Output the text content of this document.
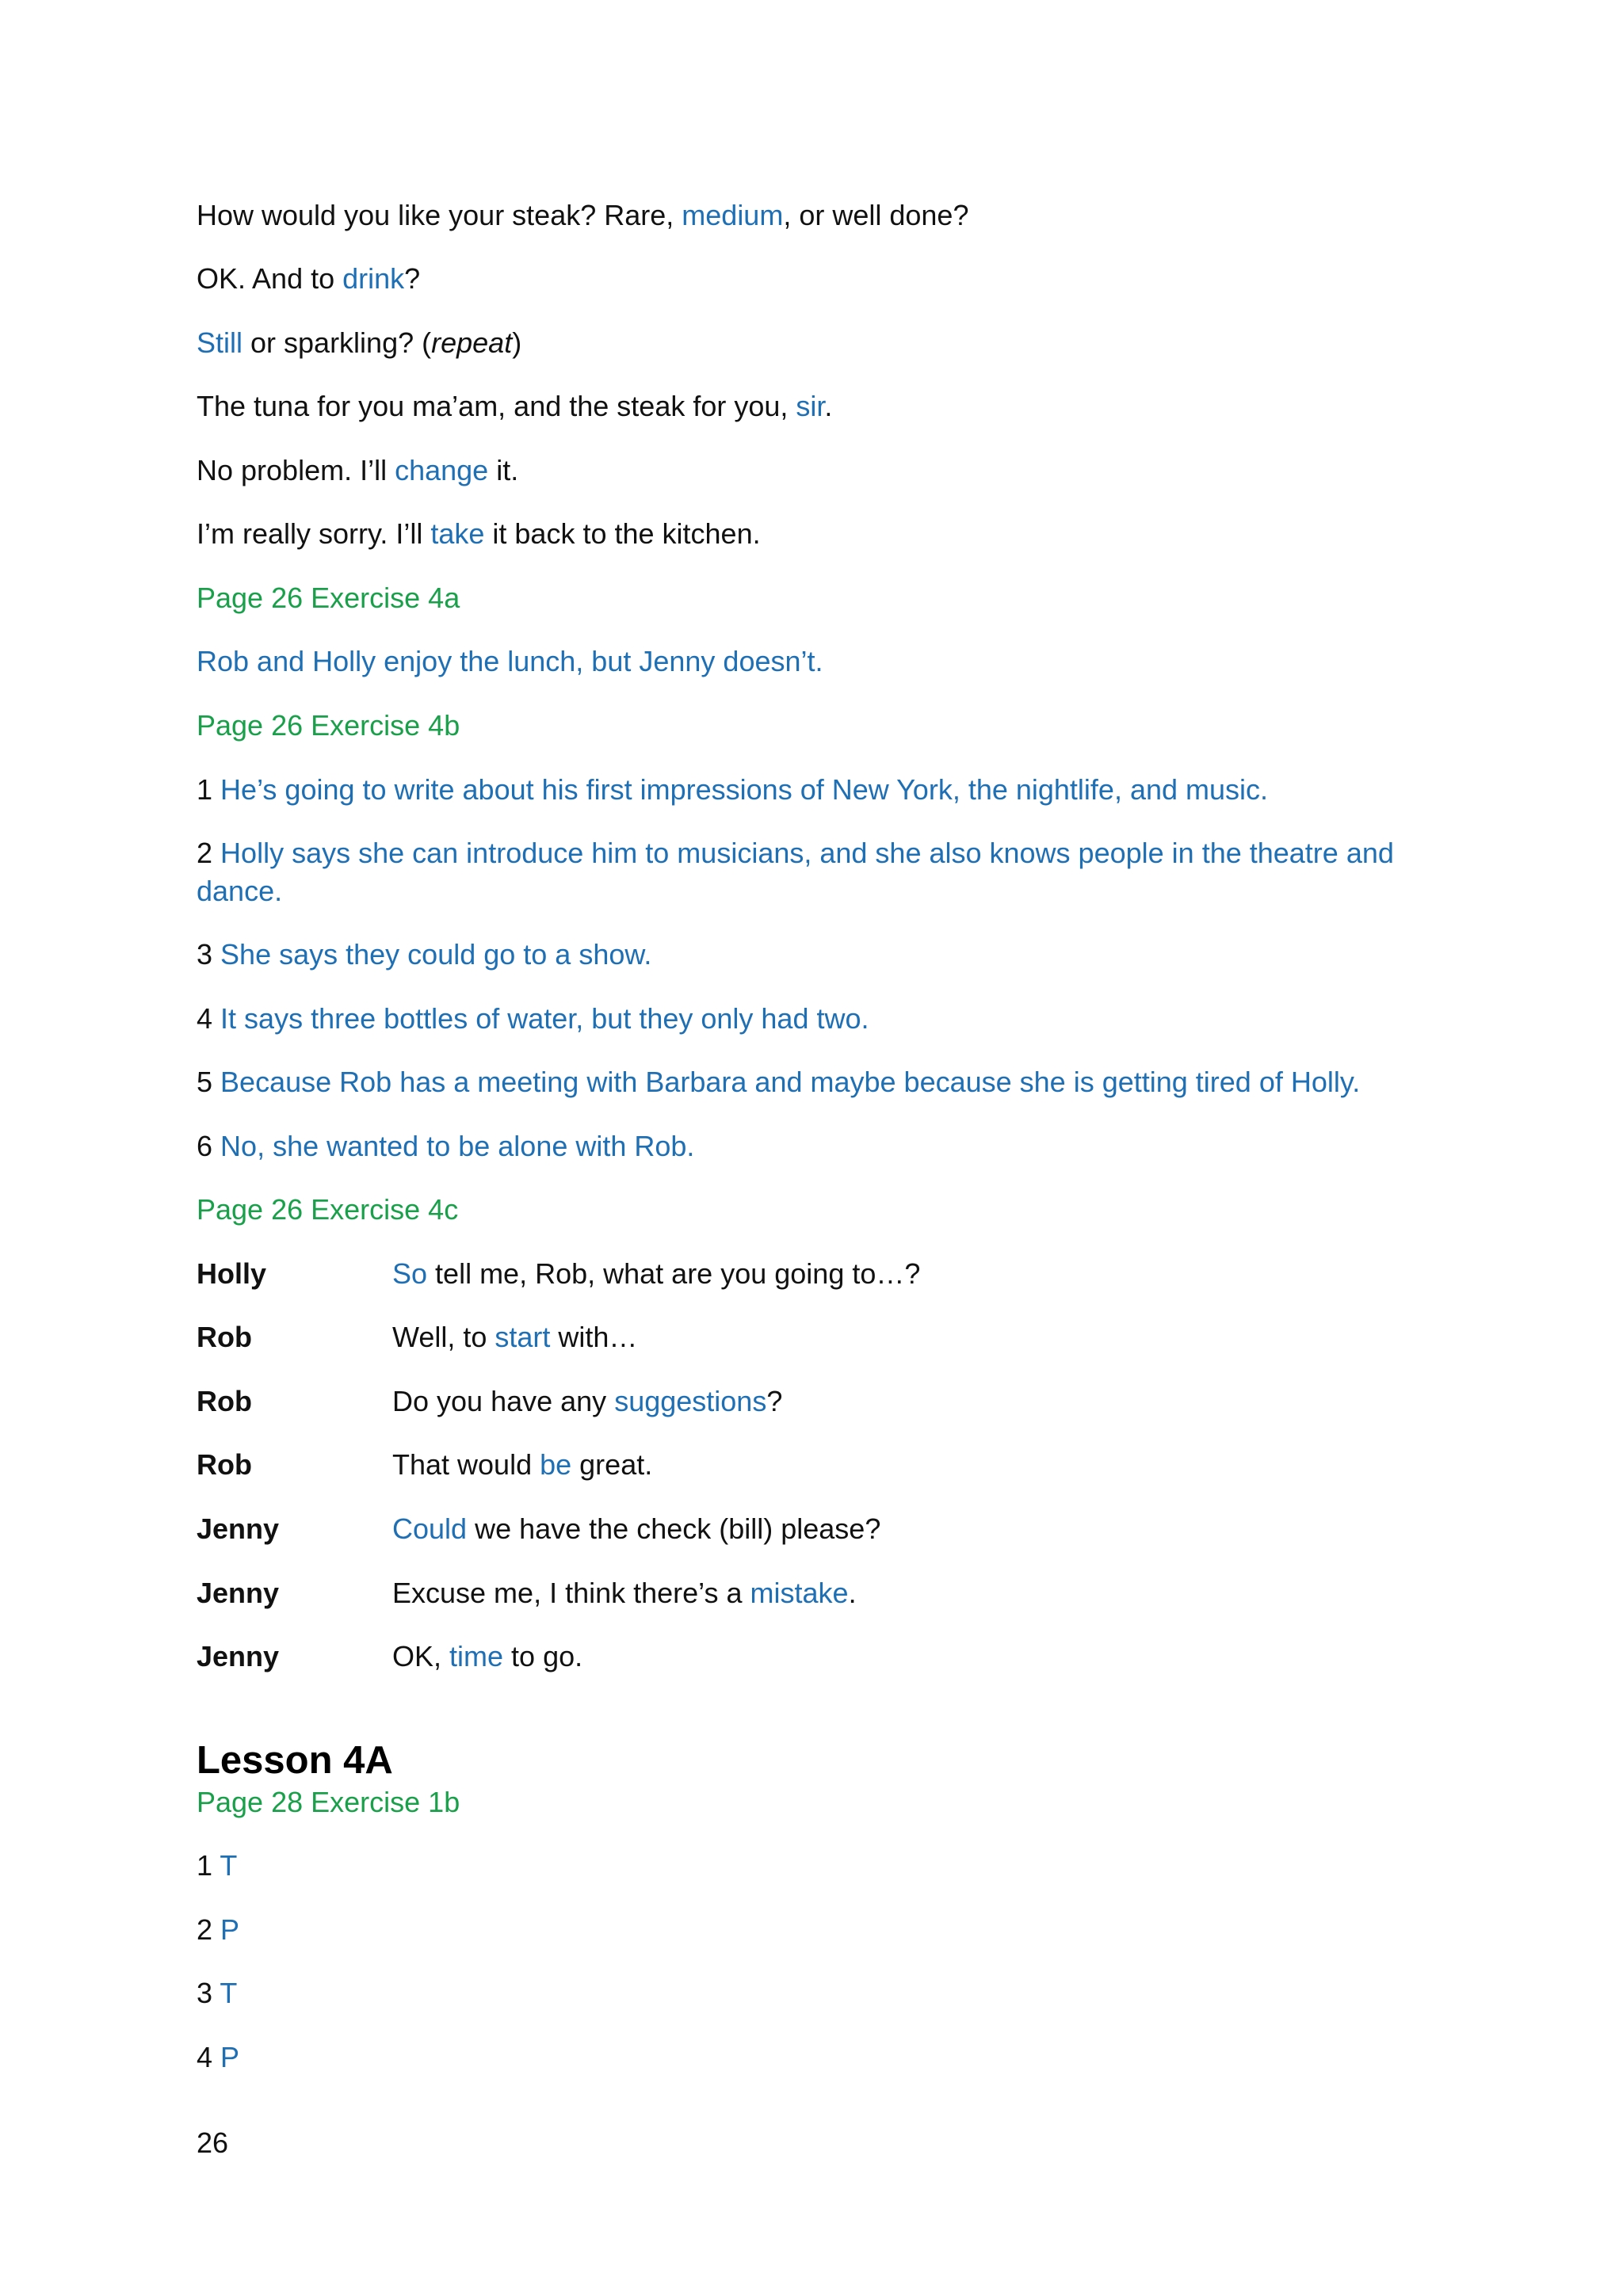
How would you like your steak? Rare, medium, or well done?

OK. And to drink?

Still or sparkling? (repeat)

The tuna for you ma’am, and the steak for you, sir.

No problem. I’ll change it.

I’m really sorry. I’ll take it back to the kitchen.

Page 26 Exercise 4a

Rob and Holly enjoy the lunch, but Jenny doesn’t.

Page 26 Exercise 4b

1 He’s going to write about his first impressions of New York, the nightlife, and music.

2 Holly says she can introduce him to musicians, and she also knows people in the theatre and dance.

3 She says they could go to a show.

4 It says three bottles of water, but they only had two.

5 Because Rob has a meeting with Barbara and maybe because she is getting tired of Holly.

6 No, she wanted to be alone with Rob.

Page 26 Exercise 4c

Holly	So tell me, Rob, what are you going to…?

Rob	Well, to start with…

Rob	Do you have any suggestions?

Rob	That would be great.

Jenny	Could we have the check (bill) please?

Jenny	Excuse me, I think there’s a mistake.

Jenny	OK, time to go.

Lesson 4A

Page 28 Exercise 1b

1 T

2 P

3 T

4 P

26
